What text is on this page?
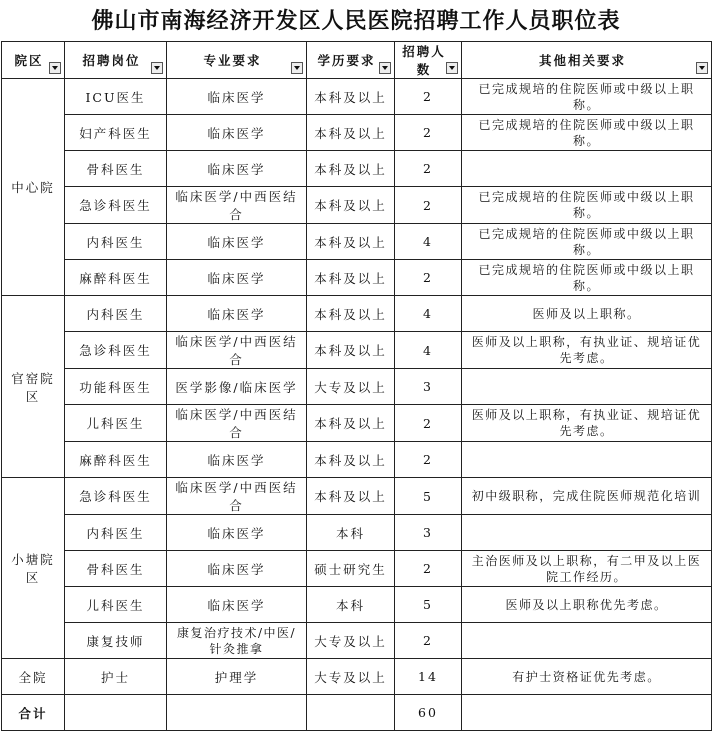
佛山市南海经济开发区人民医院招聘工作人员职位表
院区	招聘岗位	专业要求	学历要求	招聘人数	其他相关要求

中心院	ICU医生	临床医学	本科及以上	2	已完成规培的住院医师或中级以上职称。
	妇产科医生	临床医学	本科及以上	2	已完成规培的住院医师或中级以上职称。
	骨科医生	临床医学	本科及以上	2	
	急诊科医生	临床医学/中西医结合	本科及以上	2	已完成规培的住院医师或中级以上职称。
	内科医生	临床医学	本科及以上	4	已完成规培的住院医师或中级以上职称。
	麻醉科医生	临床医学	本科及以上	2	已完成规培的住院医师或中级以上职称。
官窑院区	内科医生	临床医学	本科及以上	4	医师及以上职称。
	急诊科医生	临床医学/中西医结合	本科及以上	4	医师及以上职称，有执业证、规培证优先考虑。
	功能科医生	医学影像/临床医学	大专及以上	3	
	儿科医生	临床医学/中西医结合	本科及以上	2	医师及以上职称，有执业证、规培证优先考虑。
	麻醉科医生	临床医学	本科及以上	2	
小塘院区	急诊科医生	临床医学/中西医结合	本科及以上	5	初中级职称，完成住院医师规范化培训
	内科医生	临床医学	本科	3	
	骨科医生	临床医学	硕士研究生	2	主治医师及以上职称，有二甲及以上医院工作经历。
	儿科医生	临床医学	本科	5	医师及以上职称优先考虑。
	康复技师	康复治疗技术/中医/针灸推拿	大专及以上	2	
全院	护士	护理学	大专及以上	14	有护士资格证优先考虑。
合计				60	
